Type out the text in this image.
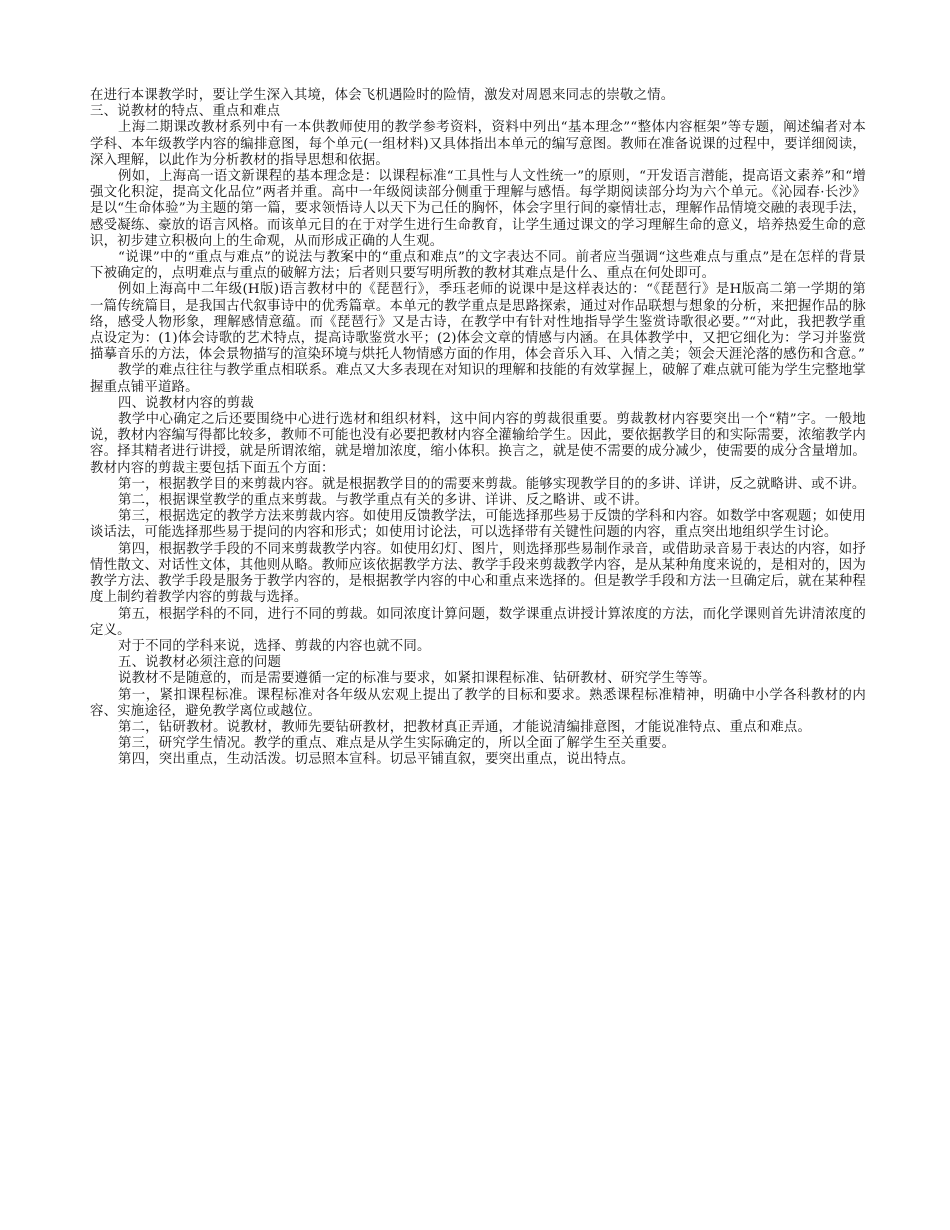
在进行本课教学时，要让学生深入其境，体会飞机遇险时的险情，激发对周恩来同志的崇敬之情。

三、说教材的特点、重点和难点

上海二期课改教材系列中有一本供教师使用的教学参考资料，资料中列出“基本理念”“整体内容框架”等专题，阐述编者对本学科、本年级教学内容的编排意图，每个单元(一组材料)又具体指出本单元的编写意图。教师在准备说课的过程中，要详细阅读，深入理解，以此作为分析教材的指导思想和依据。

例如，上海高一语文新课程的基本理念是：以课程标准“工具性与人文性统一”的原则，“开发语言潜能，提高语文素养”和“增强文化积淀，提高文化品位”两者并重。高中一年级阅读部分侧重于理解与感悟。每学期阅读部分均为六个单元。《沁园春·长沙》是以“生命体验”为主题的第一篇，要求领悟诗人以天下为己任的胸怀，体会字里行间的豪情壮志，理解作品情境交融的表现手法，感受凝练、豪放的语言风格。而该单元目的在于对学生进行生命教育，让学生通过课文的学习理解生命的意义，培养热爱生命的意识，初步建立积极向上的生命观，从而形成正确的人生观。

“说课”中的“重点与难点”的说法与教案中的“重点和难点”的文字表达不同。前者应当强调“这些难点与重点”是在怎样的背景下被确定的，点明难点与重点的破解方法；后者则只要写明所教的教材其难点是什么、重点在何处即可。

例如上海高中二年级(H版)语言教材中的《琵琶行》，季珏老师的说课中是这样表达的：“《琵琶行》是H版高二第一学期的第一篇传统篇目，是我国古代叙事诗中的优秀篇章。本单元的教学重点是思路探索，通过对作品联想与想象的分析，来把握作品的脉络，感受人物形象，理解感情意蕴。而《琵琶行》又是古诗，在教学中有针对性地指导学生鉴赏诗歌很必要。”“对此，我把教学重点设定为：(1)体会诗歌的艺术特点，提高诗歌鉴赏水平；(2)体会文章的情感与内涵。在具体教学中，又把它细化为：学习并鉴赏描摹音乐的方法，体会景物描写的渲染环境与烘托人物情感方面的作用，体会音乐入耳、入情之美；领会天涯沦落的感伤和含意。”

教学的难点往往与教学重点相联系。难点又大多表现在对知识的理解和技能的有效掌握上，破解了难点就可能为学生完整地掌握重点铺平道路。

四、说教材内容的剪裁

教学中心确定之后还要围绕中心进行选材和组织材料，这中间内容的剪裁很重要。剪裁教材内容要突出一个“精”字。一般地说，教材内容编写得都比较多，教师不可能也没有必要把教材内容全灌输给学生。因此，要依据教学目的和实际需要，浓缩教学内容。择其精者进行讲授，就是所谓浓缩，就是增加浓度，缩小体积。换言之，就是使不需要的成分减少，使需要的成分含量增加。教材内容的剪裁主要包括下面五个方面：

第一，根据教学目的来剪裁内容。就是根据教学目的的需要来剪裁。能够实现教学目的的多讲、详讲，反之就略讲、或不讲。

第二，根据课堂教学的重点来剪裁。与教学重点有关的多讲、详讲、反之略讲、或不讲。

第三，根据选定的教学方法来剪裁内容。如使用反馈教学法，可能选择那些易于反馈的学科和内容。如数学中客观题；如使用谈话法，可能选择那些易于提问的内容和形式；如使用讨论法，可以选择带有关键性问题的内容，重点突出地组织学生讨论。

第四，根据教学手段的不同来剪裁教学内容。如使用幻灯、图片，则选择那些易制作录音，或借助录音易于表达的内容，如抒情性散文、对话性文体，其他则从略。教师应该依据教学方法、教学手段来剪裁教学内容，是从某种角度来说的，是相对的，因为教学方法、教学手段是服务于教学内容的，是根据教学内容的中心和重点来选择的。但是教学手段和方法一旦确定后，就在某种程度上制约着教学内容的剪裁与选择。

第五，根据学科的不同，进行不同的剪裁。如同浓度计算问题，数学课重点讲授计算浓度的方法，而化学课则首先讲清浓度的定义。

对于不同的学科来说，选择、剪裁的内容也就不同。

五、说教材必须注意的问题

说教材不是随意的，而是需要遵循一定的标准与要求，如紧扣课程标准、钻研教材、研究学生等等。

第一，紧扣课程标准。课程标准对各年级从宏观上提出了教学的目标和要求。熟悉课程标准精神，明确中小学各科教材的内容、实施途径，避免教学离位或越位。

第二，钻研教材。说教材，教师先要钻研教材，把教材真正弄通，才能说清编排意图，才能说准特点、重点和难点。

第三，研究学生情况。教学的重点、难点是从学生实际确定的，所以全面了解学生至关重要。

第四，突出重点，生动活泼。切忌照本宣科。切忌平铺直叙，要突出重点，说出特点。
